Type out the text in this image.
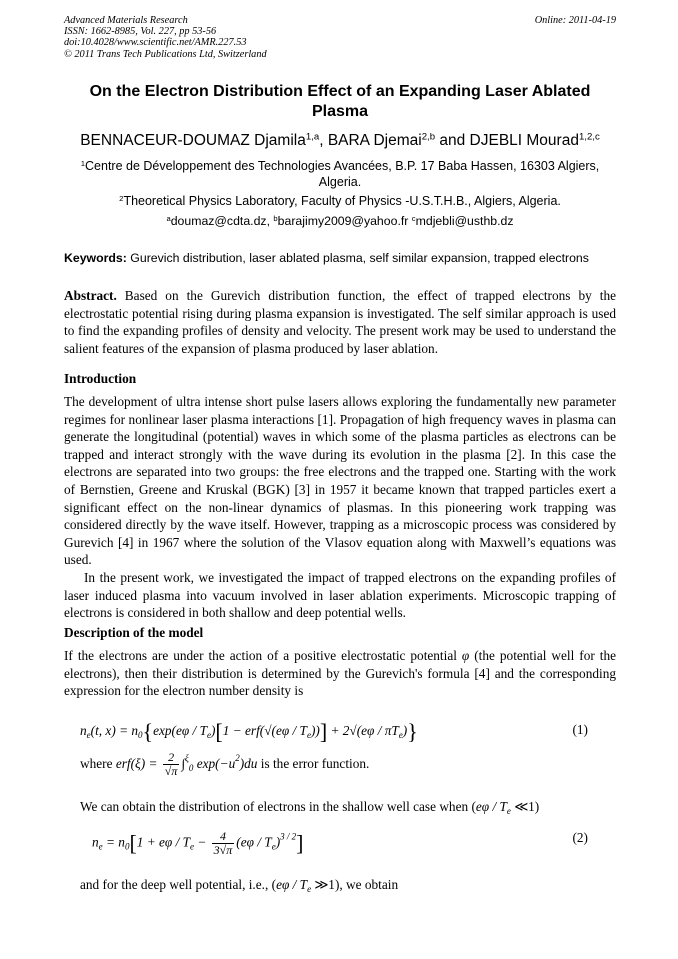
Advanced Materials Research
ISSN: 1662-8985, Vol. 227, pp 53-56
doi:10.4028/www.scientific.net/AMR.227.53
© 2011 Trans Tech Publications Ltd, Switzerland
Online: 2011-04-19
On the Electron Distribution Effect of an Expanding Laser Ablated Plasma
BENNACEUR-DOUMAZ Djamila$^{1,a}$, BARA Djemai$^{2,b}$ and DJEBLI Mourad$^{1,2,c}$
$^1$Centre de Développement des Technologies Avancées, B.P. 17 Baba Hassen, 16303 Algiers, Algeria.
$^2$Theoretical Physics Laboratory, Faculty of Physics -U.S.T.H.B., Algiers, Algeria.
$^a$doumaz@cdta.dz, $^b$barajimy2009@yahoo.fr $^c$mdjebli@usthb.dz
Keywords: Gurevich distribution, laser ablated plasma, self similar expansion, trapped electrons
Abstract. Based on the Gurevich distribution function, the effect of trapped electrons by the electrostatic potential rising during plasma expansion is investigated. The self similar approach is used to find the expanding profiles of density and velocity. The present work may be used to understand the salient features of the expansion of plasma produced by laser ablation.
Introduction

The development of ultra intense short pulse lasers allows exploring the fundamentally new parameter regimes for nonlinear laser plasma interactions [1]. Propagation of high frequency waves in plasma can generate the longitudinal (potential) waves in which some of the plasma particles as electrons can be trapped and interact strongly with the wave during its evolution in the plasma [2]. In this case the electrons are separated into two groups: the free electrons and the trapped one. Starting with the work of Bernstien, Greene and Kruskal (BGK) [3] in 1957 it became known that trapped particles exert a significant effect on the non-linear dynamics of plasmas. In this pioneering work trapping was considered directly by the wave itself. However, trapping as a microscopic process was considered by Gurevich [4] in 1967 where the solution of the Vlasov equation along with Maxwell’s equations was used.

In the present work, we investigated the impact of trapped electrons on the expanding profiles of laser induced plasma into vacuum involved in laser ablation experiments. Microscopic trapping of electrons is considered in both shallow and deep potential wells.

Description of the model
If the electrons are under the action of a positive electrostatic potential φ (the potential well for the electrons), then their distribution is determined by the Gurevich's formula [4] and the corresponding expression for the electron number density is
$n_e(t$, $x) = n_0\{\exp(e\varphi / T_e)[1 - erf(√(e\varphi / T_e))] + 2√(e\varphi / \pi T_e)\}$	(1)
where $erf(\xi) = \frac{2}{√\pi} \int^\xi_0$ $\exp(-u^2)du$ is the error function.
We can obtain the distribution of electrons in the shallow well case when ($e\varphi / T_e$ ≪1)
$n_e = n_0[1 + e\varphi / T_e - \frac{4}{3√\pi} (e\varphi / T_e)^{3 / 2}]$	(2)
and for the deep well potential, i.e., ($e\varphi / T_e$ ≫1), we obtain
